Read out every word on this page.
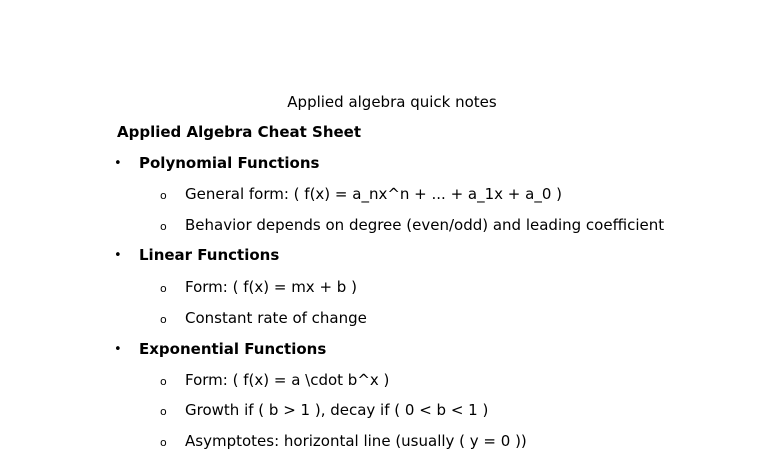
Applied algebra quick notes
Applied Algebra Cheat Sheet
• Polynomial Functions
o General form: ( f(x) = a_nx^n + ... + a_1x + a_0 )
o Behavior depends on degree (even/odd) and leading coefficient
• Linear Functions
o Form: ( f(x) = mx + b )
o Constant rate of change
• Exponential Functions
o Form: ( f(x) = a \cdot b^x )
o Growth if ( b > 1 ), decay if ( 0 < b < 1 )
o Asymptotes: horizontal line (usually ( y = 0 ))
